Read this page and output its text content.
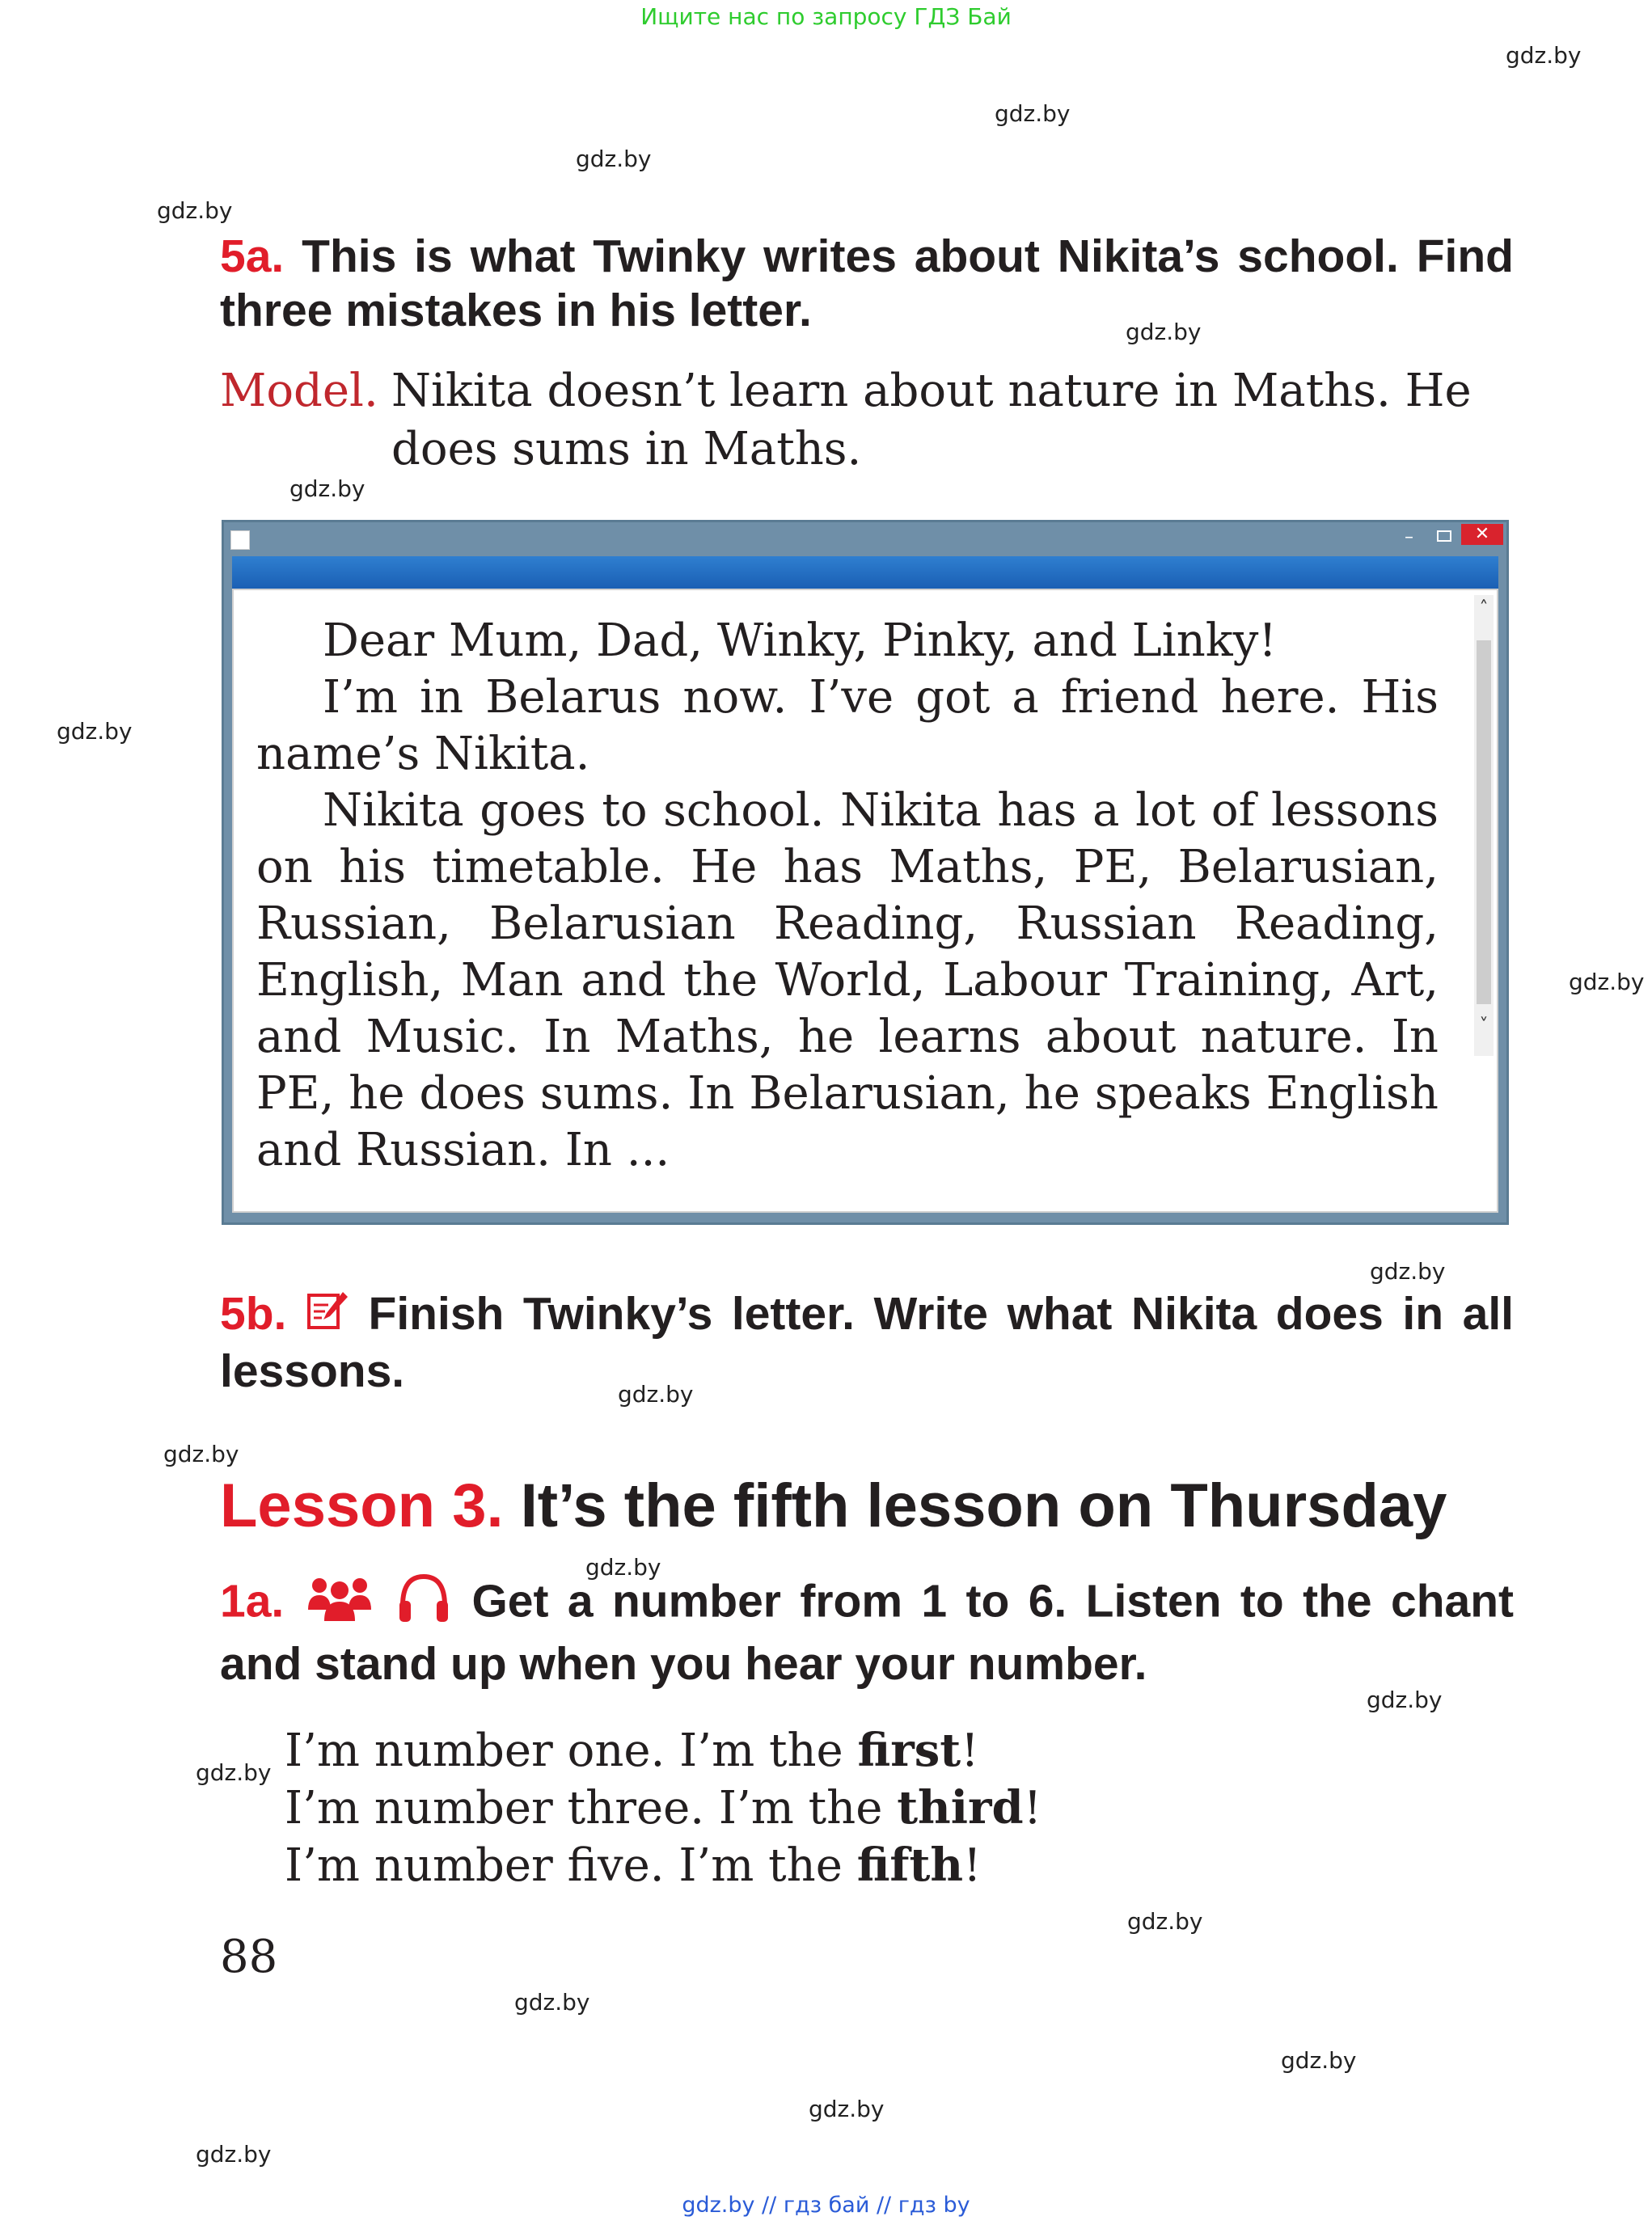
Ищите нас по запросу ГДЗ Бай
gdz.by
gdz.by
gdz.by
gdz.by
gdz.by
gdz.by
gdz.by
gdz.by
gdz.by
gdz.by
gdz.by
gdz.by
gdz.by
gdz.by
gdz.by
gdz.by
gdz.by
gdz.by
gdz.by
5a. This is what Twinky writes about Nikita’s school. Find three mistakes in his letter.
Model. Nikita doesn’t learn about nature in Maths. He does sums in Maths.
–	✕

Dear Mum, Dad, Winky, Pinky, and Linky!

I’m in Belarus now. I’ve got a friend here. His name’s Nikita.

Nikita goes to school. Nikita has a lot of lessons on his timetable. He has Maths, PE, Belarusian, Russian, Belarusian Reading, Russian Reading, English, Man and the World, Labour Training, Art, and Music. In Maths, he learns about nature. In PE, he does sums. In Belarusian, he speaks English and Russian. In ...

˄
˅
5b.  Finish Twinky’s letter. Write what Nikita does in all lessons.
Lesson 3. It’s the fifth lesson on Thursday
1a.	Get a number from 1 to 6. Listen to the chant and stand up when you hear your number.
I’m number one. I’m the first!
I’m number three. I’m the third!
I’m number five. I’m the fifth!
88
gdz.by // гдз бай // гдз by
